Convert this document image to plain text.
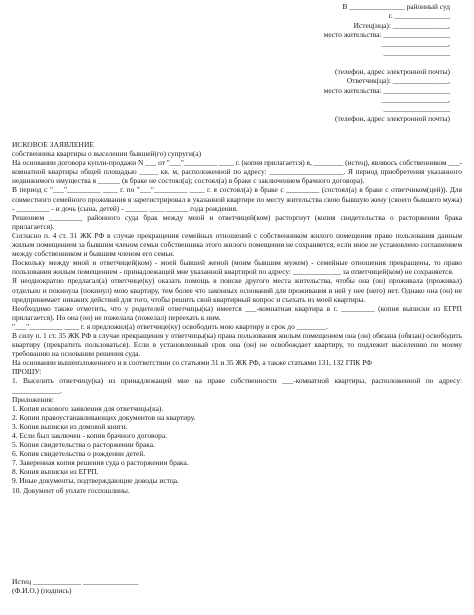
В _______________ районный суд
г. _______________
Истец(ица): _______________,
место жительства: __________________
__________________,
__________________
(телефон, адрес электронной почты)
Ответчик(ца): _______________,
место жительства: __________________
__________________,
__________________
(телефон, адрес электронной почты)

ИСКОВОЕ ЗАЯВЛЕНИЕ

собственника квартиры о выселении бывшей(го) супруги(а)

На основании договора купли-продажи N ___ от "___"_________ ____ г. (копия прилагается) я, ________ (истец), являюсь собственником ___-комнатной квартиры общей площадью _____ кв. м, расположенной по адресу: ____________________. Я период приобретения указанного недвижимого имущества я ______ (в браке не состоял(а); состоял(а) в браке с заключением брачного договора).

В период с "___"_________ ____ г. по "___"_________ ____ г. я состоял(а) в браке с _________ (состоял(а) в браке с ответчиком(цей)). Для совместного семейного проживания я зарегистрировал в указанной квартире по месту жительства свою бывшую жену (своего бывшего мужа) - _________ - и дочь (сына, детей) - ______ ____ ______ года рождения.

Решением _________ районного суда брак между мной и ответчицей(ком) расторгнут (копия свидетельства о расторжении брака прилагается).

Согласно п. 4 ст. 31 ЖК РФ в случае прекращения семейных отношений с собственником жилого помещения право пользования данным жилым помещением за бывшим членом семьи собственника этого жилого помещения не сохраняется, если иное не установлено соглашением между собственником и бывшим членом его семьи.

Поскольку между мной и ответчицей(ком) - моей бывшей женой (моим бывшим мужем) - семейные отношения прекращены, то право пользования жилым помещением - принадлежащей мне указанной квартирой по адресу: _____________ за ответчицей(ком) не сохраняется.

Я неоднократно предлагал(а) ответчице(ку) оказать помощь в поиске другого места жительства, чтобы она (он) проживала (проживал) отдельно и покинула (покинул) мою квартиру, тем более что законных оснований для проживания в ней у нее (него) нет. Однако она (он) не предпринимает никаких действий для того, чтобы решить свой квартирный вопрос и съехать из моей квартиры.

Необходимо также отметить, что у родителей ответчицы(ка) имеется ___-комнатная квартира в г. _________ (копия выписки из ЕГРП прилагается). Но она (он) не пожелала (пожелал) переехать к ним.

"___"_________ ____ г. я предложил(а) ответчице(ку) освободить мою квартиру в срок до ________.

В силу п. 1 ст. 35 ЖК РФ в случае прекращения у ответчицы(ка) права пользования жилым помещением она (он) обязана (обязан) освободить квартиру (прекратить пользоваться). Если в установленный срок она (он) не освобождает квартиру, то подлежит выселению по моему требованию на основании решения суда.

На основании вышеизложенного и в соответствии со статьями 31 и 35 ЖК РФ, а также статьями 131, 132 ГПК РФ

ПРОШУ:

1. Выселить ответчицу(ка) из принадлежащей мне на праве собственности ___-комнатной квартиры, расположенной по адресу: _____________.

Приложения:

1. Копия искового заявления для ответчицы(ка).

2. Копии правоустанавливающих документов на квартиру.

3. Копия выписки из домовой книги.

4. Если был заключен - копия брачного договора.

5. Копия свидетельства о расторжении брака.

6. Копия свидетельства о рождении детей.

7. Заверенная копия решения суда о расторжении брака.

8. Копия выписки из ЕГРП.

9. Иные документы, подтверждающие доводы истца.

10. Документ об уплате госпошлины.

Истец _____________ _______________

(Ф.И.О.) (подпись)
